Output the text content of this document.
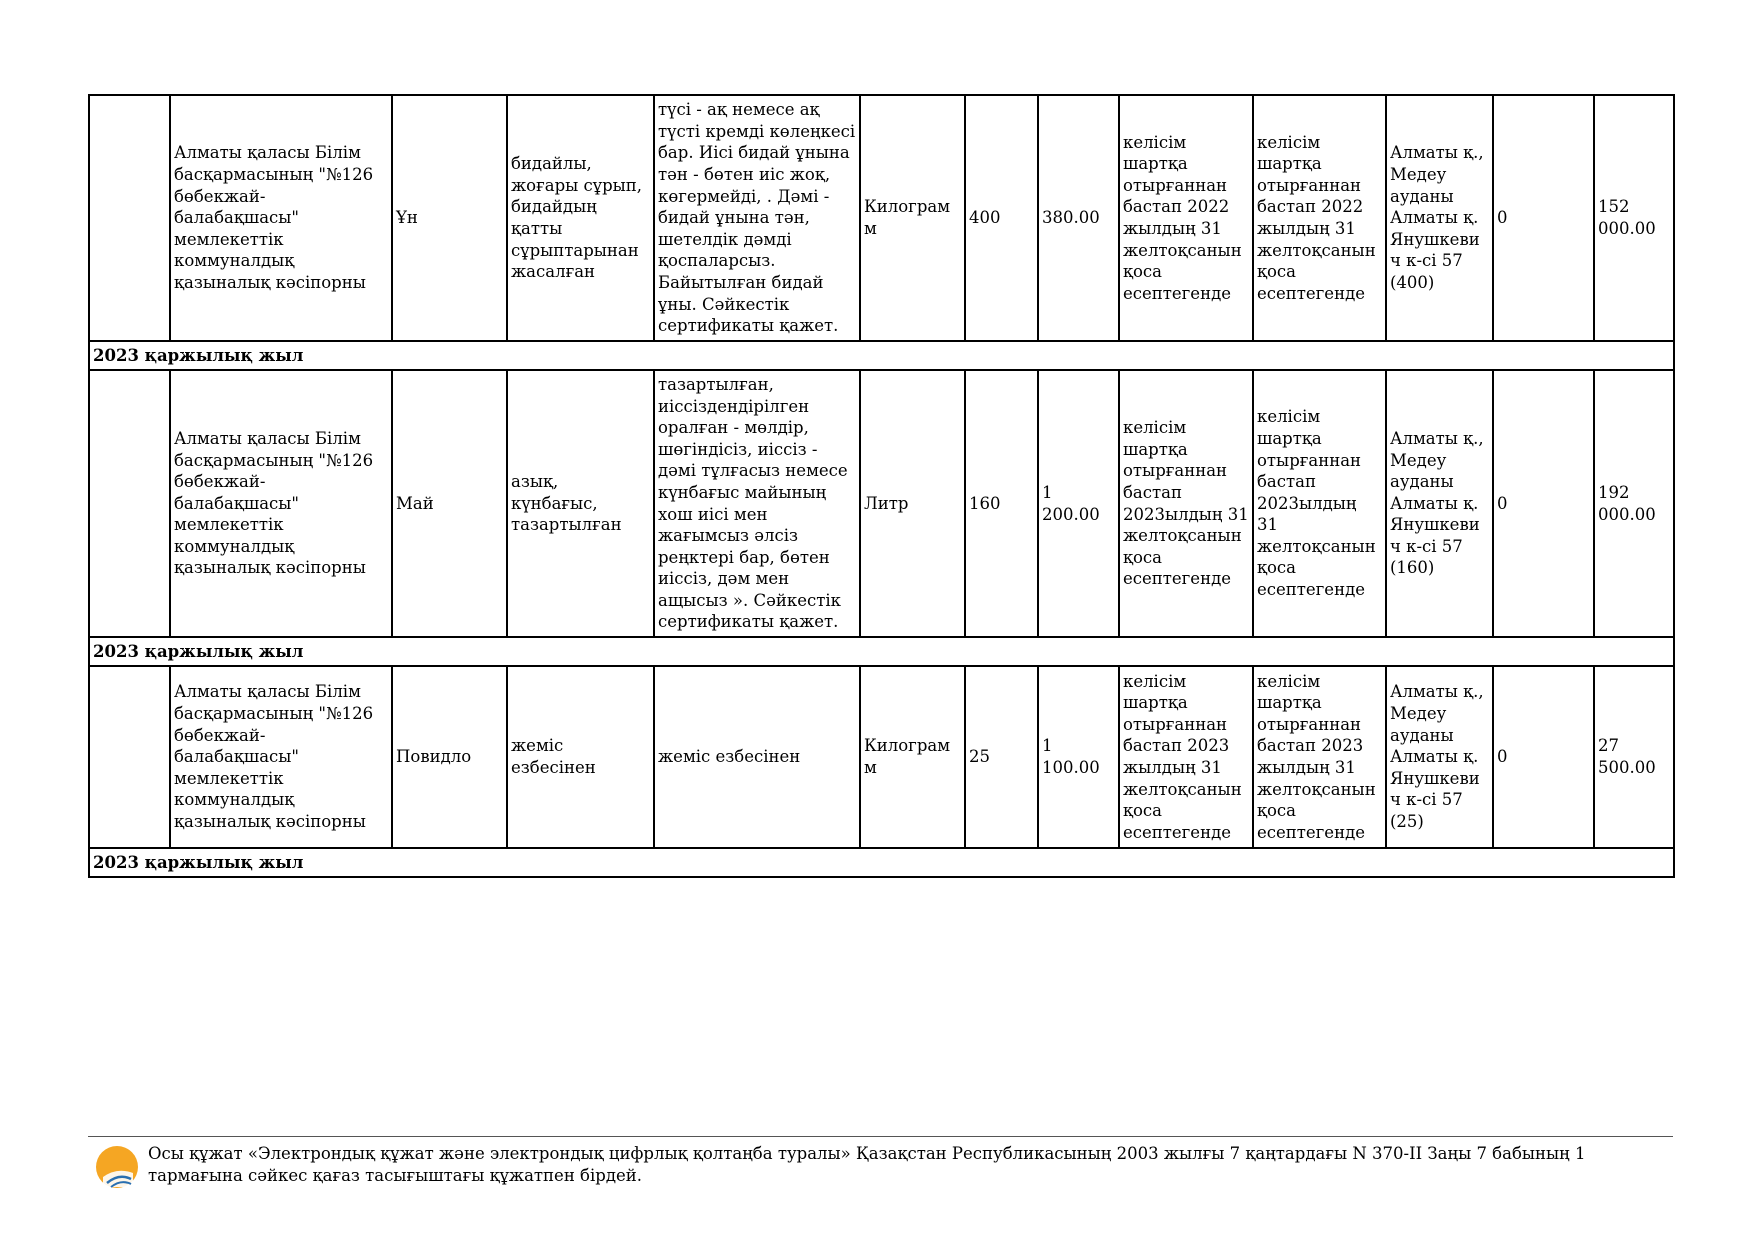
	Алматы қаласы Білім басқармасының "№126 бөбекжай-балабақшасы" мемлекеттік коммуналдық қазыналық кәсіпорны	Ұн	бидайлы, жоғары сұрып, бидайдың қатты сұрыптарынан жасалған	түсі - ақ немесе ақ түсті кремді көлеңкесі бар. Иісі бидай ұнына тән - бөтен иіс жоқ, көгермейді, . Дәмі - бидай ұнына тән, шетелдік дәмді қоспаларсыз. Байытылған бидай ұны. Сәйкестік сертификаты қажет.	Килограмм	400	380.00	келісім шартқа отырғаннан бастап 2022 жылдың 31 желтоқсанын қоса есептегенде	келісім шартқа отырғаннан бастап 2022 жылдың 31 желтоқсанын қоса есептегенде	Алматы қ., Медеу ауданы Алматы қ. Янушкевич к-сі 57 (400)	0	152 000.00
2023 қаржылық жыл												
	Алматы қаласы Білім басқармасының "№126 бөбекжай-балабақшасы" мемлекеттік коммуналдық қазыналық кәсіпорны	Май	азық, күнбағыс, тазартылған	тазартылған, иіссіздендірілген оралған - мөлдір, шөгіндісіз, иіссіз - дәмі тұлғасыз немесе күнбағыс майының хош иісі мен жағымсыз әлсіз реңктері бар, бөтен иіссіз, дәм мен ащысыз ». Сәйкестік сертификаты қажет.	Литр	160	1 200.00	келісім шартқа отырғаннан бастап 2023ылдың 31 желтоқсанын қоса есептегенде	келісім шартқа отырғаннан бастап 2023ылдың 31 желтоқсанын қоса есептегенде	Алматы қ., Медеу ауданы Алматы қ. Янушкевич к-сі 57 (160)	0	192 000.00
2023 қаржылық жыл												
	Алматы қаласы Білім басқармасының "№126 бөбекжай-балабақшасы" мемлекеттік коммуналдық қазыналық кәсіпорны	Повидло	жеміс езбесінен	жеміс езбесінен	Килограмм	25	1 100.00	келісім шартқа отырғаннан бастап 2023 жылдың 31 желтоқсанын қоса есептегенде	келісім шартқа отырғаннан бастап 2023 жылдың 31 желтоқсанын қоса есептегенде	Алматы қ., Медеу ауданы Алматы қ. Янушкевич к-сі 57 (25)	0	27 500.00
2023 қаржылық жыл												
Осы құжат «Электрондық құжат және электрондық цифрлық қолтаңба туралы» Қазақстан Республикасының 2003 жылғы 7 қаңтардағы N 370-II Заңы 7 бабының 1 тармағына сәйкес қағаз тасығыштағы құжатпен бірдей.
